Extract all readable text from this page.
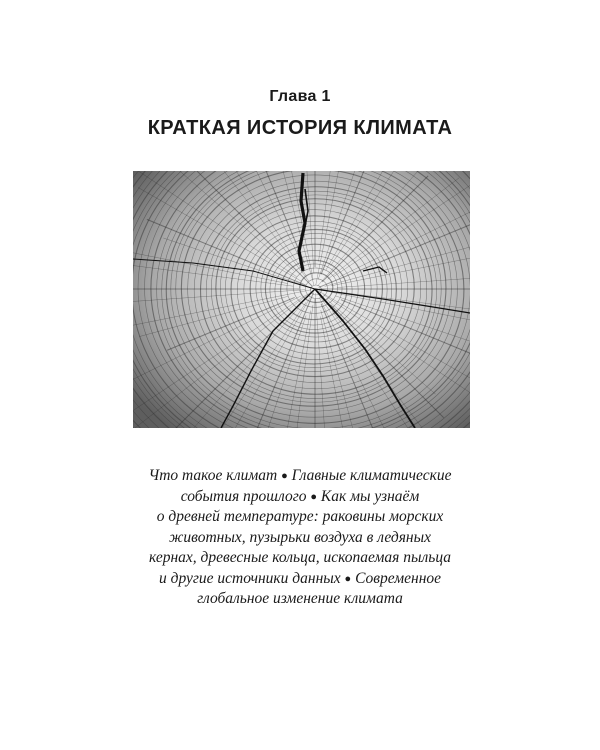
Глава 1
КРАТКАЯ ИСТОРИЯ КЛИМАТА
Что такое климат ● Главные климатические
события прошлого ● Как мы узнаём
о древней температуре: раковины морских
животных, пузырьки воздуха в ледяных
кернах, древесные кольца, ископаемая пыльца
и другие источники данных ● Современное
глобальное изменение климата
